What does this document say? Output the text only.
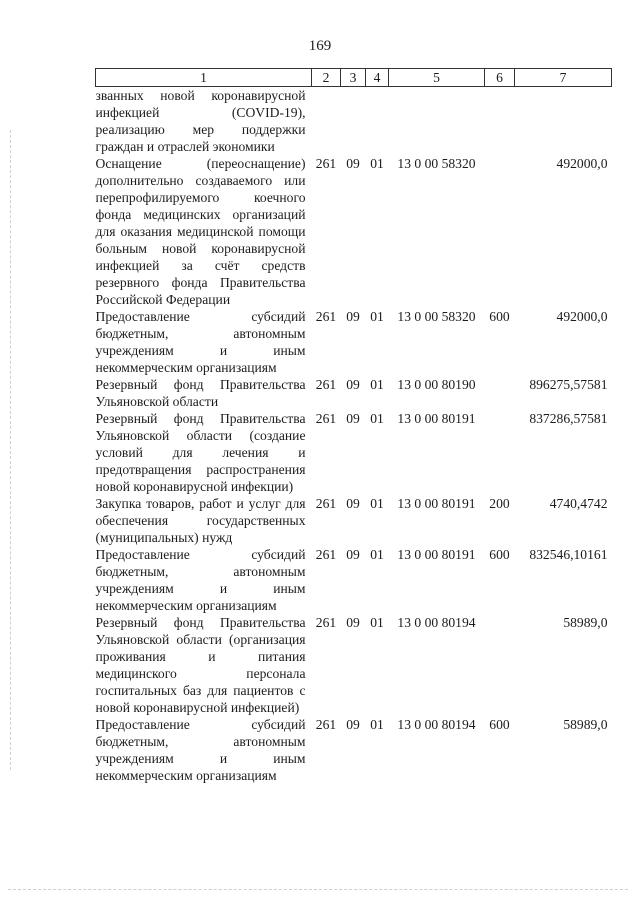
169
1	2	3	4	5	6	7
званных новой коронавирусной инфекцией (COVID-19), реализацию мер поддержки граждан и отраслей экономики						
Оснащение (переоснащение) дополнительно создаваемого или перепрофилируемого коечного фонда медицинских организаций для оказания медицинской помощи больным новой коронавирусной инфекцией за счёт средств резервного фонда Правительства Российской Федерации	261	09	01	13 0 00 58320		492000,0
Предоставление субсидий бюджетным, автономным учреждениям и иным некоммерческим организациям	261	09	01	13 0 00 58320	600	492000,0
Резервный фонд Правительства Ульяновской области	261	09	01	13 0 00 80190		896275,57581
Резервный фонд Правительства Ульяновской области (создание условий для лечения и предотвращения распространения новой коронавирусной инфекции)	261	09	01	13 0 00 80191		837286,57581
Закупка товаров, работ и услуг для обеспечения государственных (муниципальных) нужд	261	09	01	13 0 00 80191	200	4740,4742
Предоставление субсидий бюджетным, автономным учреждениям и иным некоммерческим организациям	261	09	01	13 0 00 80191	600	832546,10161
Резервный фонд Правительства Ульяновской области (организация проживания и питания медицинского персонала госпитальных баз для пациентов с новой коронавирусной инфекцией)	261	09	01	13 0 00 80194		58989,0
Предоставление субсидий бюджетным, автономным учреждениям и иным некоммерческим организациям	261	09	01	13 0 00 80194	600	58989,0
